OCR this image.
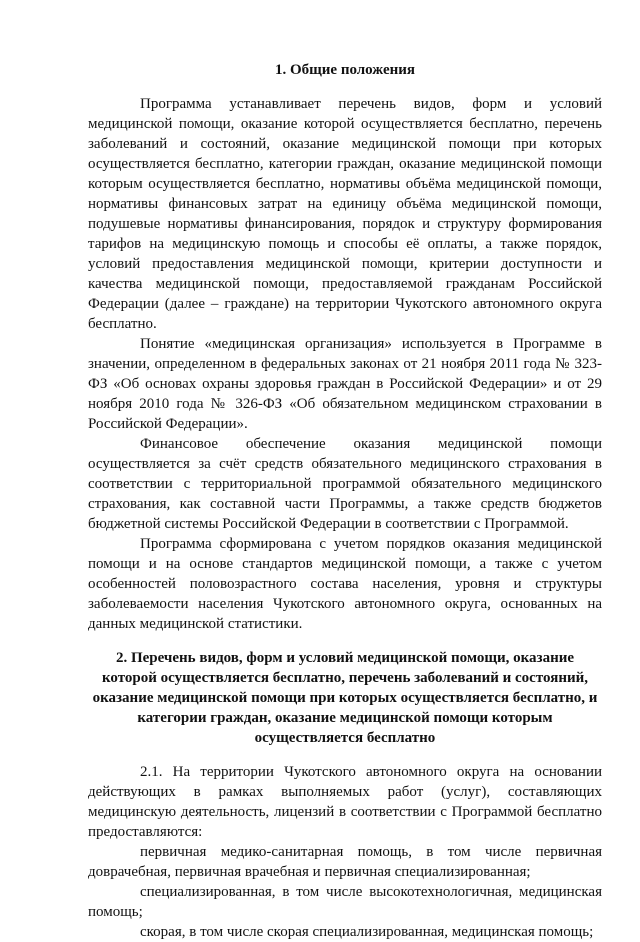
1. Общие положения

Программа устанавливает перечень видов, форм и условий медицинской помощи, оказание которой осуществляется бесплатно, перечень заболеваний и состояний, оказание медицинской помощи при которых осуществляется бесплатно, категории граждан, оказание медицинской помощи которым осуществляется бесплатно, нормативы объёма медицинской помощи, нормативы финансовых затрат на единицу объёма медицинской помощи, подушевые нормативы финансирования, порядок и структуру формирования тарифов на медицинскую помощь и способы её оплаты, а также порядок, условий предоставления медицинской помощи, критерии доступности и качества медицинской помощи, предоставляемой гражданам Российской Федерации (далее – граждане) на территории Чукотского автономного округа бесплатно.

Понятие «медицинская организация» используется в Программе в значении, определенном в федеральных законах от 21 ноября 2011 года № 323-ФЗ «Об основах охраны здоровья граждан в Российской Федерации» и от 29 ноября 2010 года № 326-ФЗ «Об обязательном медицинском страховании в Российской Федерации».

Финансовое обеспечение оказания медицинской помощи осуществляется за счёт средств обязательного медицинского страхования в соответствии с территориальной программой обязательного медицинского страхования, как составной части Программы, а также средств бюджетов бюджетной системы Российской Федерации в соответствии с Программой.

Программа сформирована с учетом порядков оказания медицинской помощи и на основе стандартов медицинской помощи, а также с учетом особенностей половозрастного состава населения, уровня и структуры заболеваемости населения Чукотского автономного округа, основанных на данных медицинской статистики.

2. Перечень видов, форм и условий медицинской помощи, оказание которой осуществляется бесплатно, перечень заболеваний и состояний, оказание медицинской помощи при которых осуществляется бесплатно, и категории граждан, оказание медицинской помощи которым осуществляется бесплатно

2.1. На территории Чукотского автономного округа на основании действующих в рамках выполняемых работ (услуг), составляющих медицинскую деятельность, лицензий в соответствии с Программой бесплатно предоставляются:

первичная медико-санитарная помощь, в том числе первичная доврачебная, первичная врачебная и первичная специализированная;

специализированная, в том числе высокотехнологичная, медицинская помощь;

скорая, в том числе скорая специализированная, медицинская помощь;
